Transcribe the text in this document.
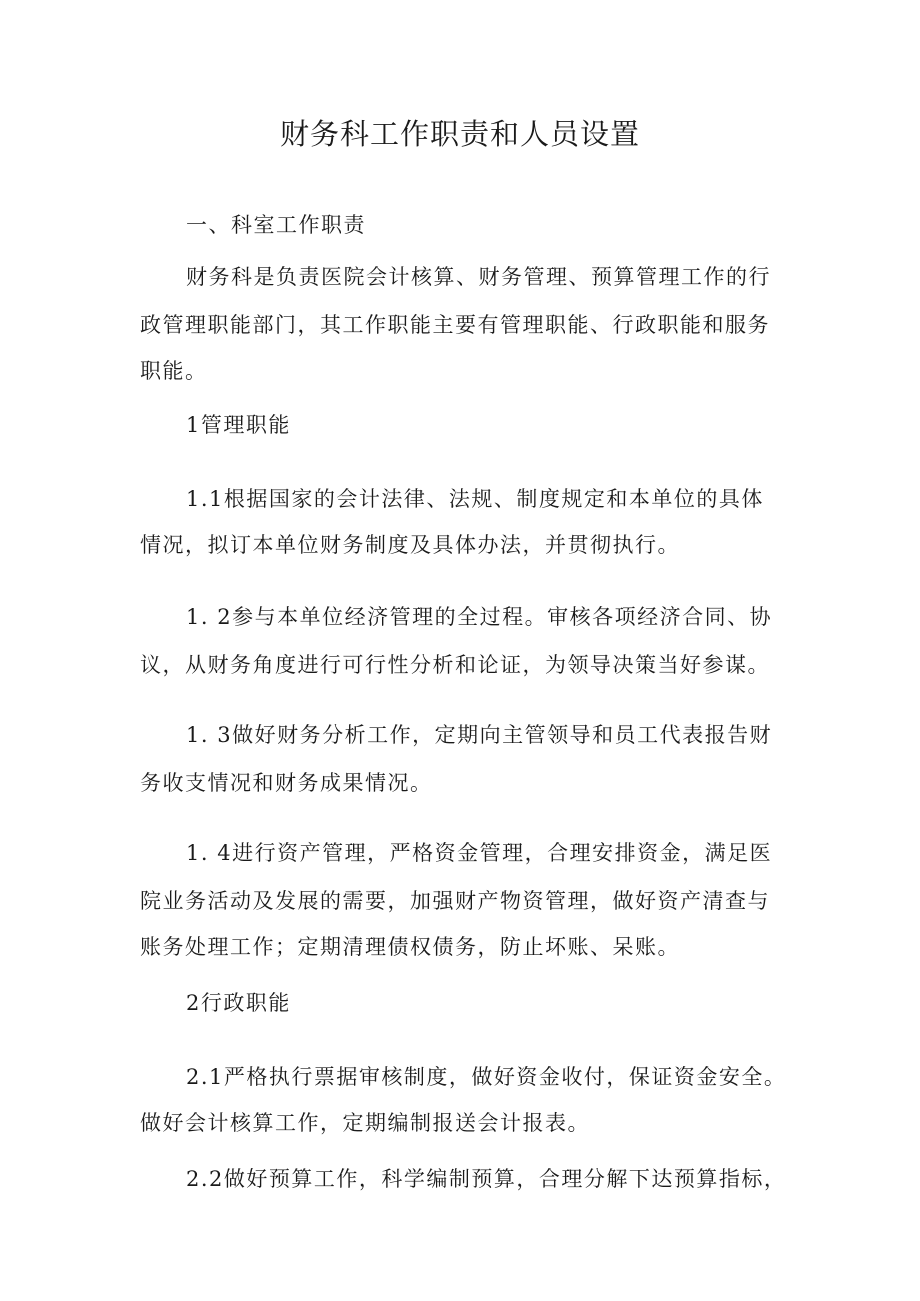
财务科工作职责和人员设置
一、科室工作职责
财务科是负责医院会计核算、财务管理、预算管理工作的行
政管理职能部门，其工作职能主要有管理职能、行政职能和服务
职能。
1管理职能
1.1根据国家的会计法律、法规、制度规定和本单位的具体
情况，拟订本单位财务制度及具体办法，并贯彻执行。
1. 2参与本单位经济管理的全过程。审核各项经济合同、协
议，从财务角度进行可行性分析和论证，为领导决策当好参谋。
1. 3做好财务分析工作，定期向主管领导和员工代表报告财
务收支情况和财务成果情况。
1. 4进行资产管理，严格资金管理，合理安排资金，满足医
院业务活动及发展的需要，加强财产物资管理，做好资产清查与
账务处理工作；定期清理债权债务，防止坏账、呆账。
2行政职能
2.1严格执行票据审核制度，做好资金收付，保证资金安全。
做好会计核算工作，定期编制报送会计报表。
2.2做好预算工作，科学编制预算，合理分解下达预算指标，
